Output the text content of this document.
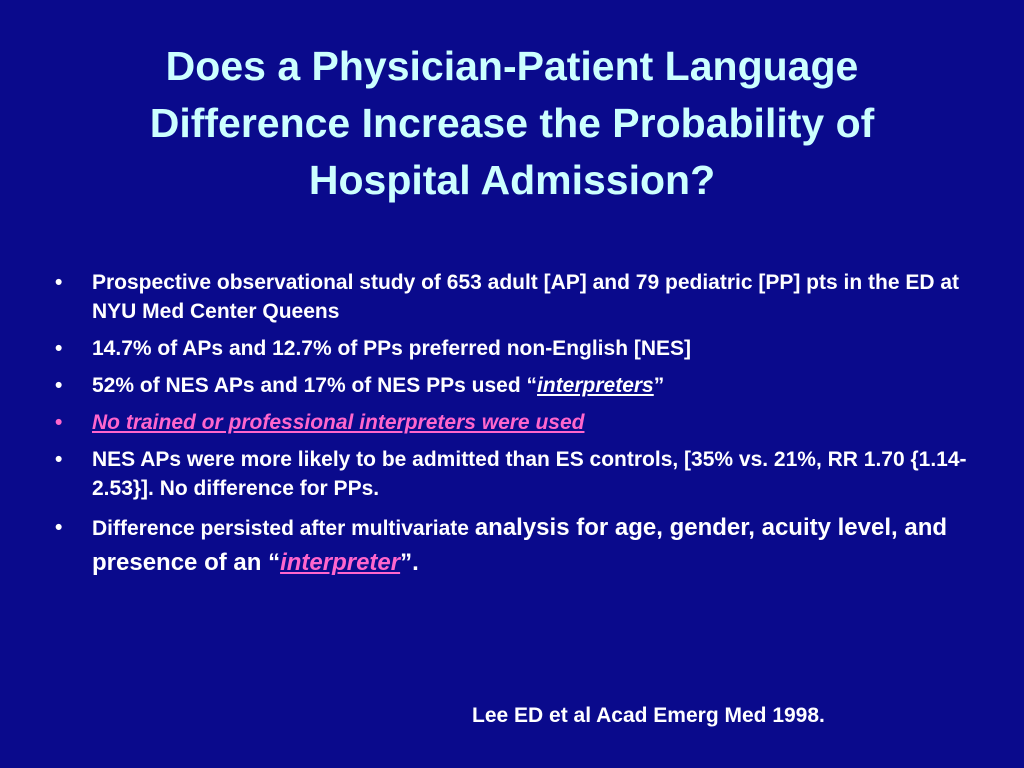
Does a Physician-Patient Language
Difference Increase the Probability of
Hospital Admission?
• Prospective observational study of 653 adult [AP] and 79 pediatric [PP] pts in the ED at NYU Med Center Queens
• 14.7% of APs and 12.7% of PPs preferred non-English [NES]
• 52% of NES APs and 17% of NES PPs used “interpreters”
• No trained or professional interpreters were used
• NES APs were more likely to be admitted than ES controls, [35% vs. 21%, RR 1.70 {1.14-2.53}]. No difference for PPs.
• Difference persisted after multivariate analysis for age, gender, acuity level, and presence of an “interpreter”.

Lee ED et al Acad Emerg Med 1998.
